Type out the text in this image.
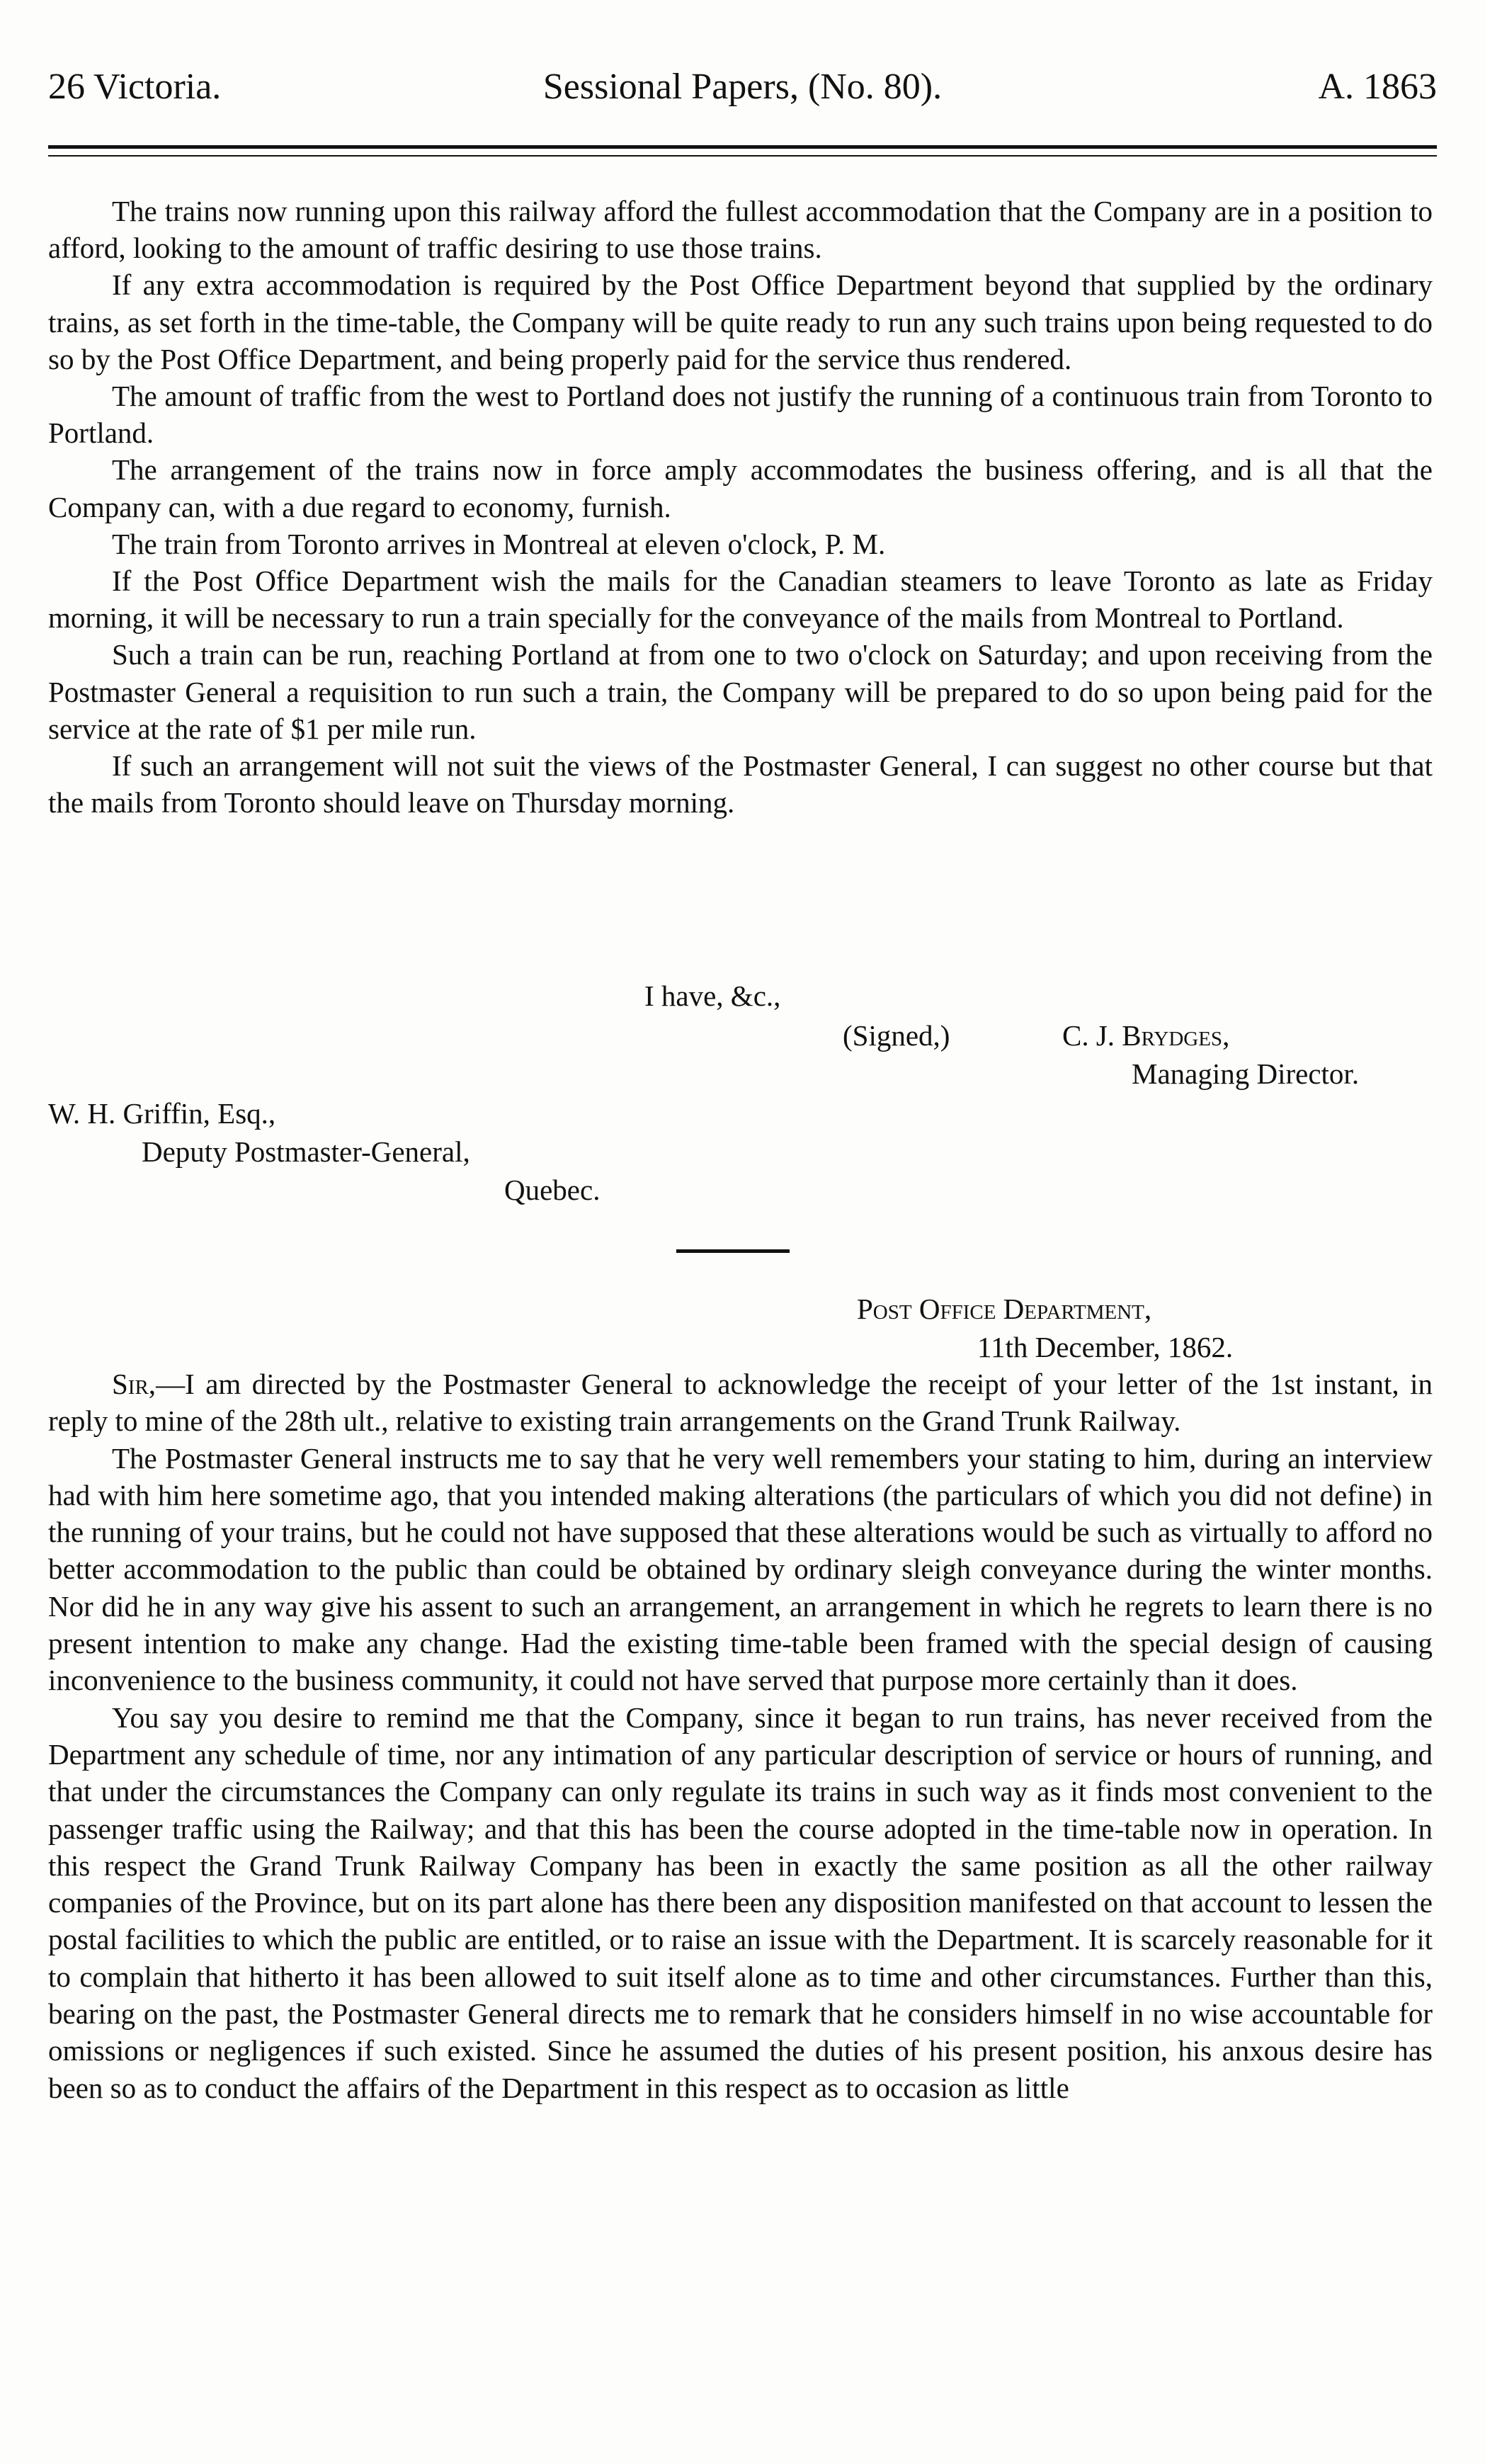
26 Victoria.	Sessional Papers, (No. 80).	A. 1863

The trains now running upon this railway afford the fullest accommodation that the Company are in a position to afford, looking to the amount of traffic desiring to use those trains.

If any extra accommodation is required by the Post Office Department beyond that supplied by the ordinary trains, as set forth in the time-table, the Company will be quite ready to run any such trains upon being requested to do so by the Post Office Department, and being properly paid for the service thus rendered.

The amount of traffic from the west to Portland does not justify the running of a continuous train from Toronto to Portland.

The arrangement of the trains now in force amply accommodates the business offering, and is all that the Company can, with a due regard to economy, furnish.

The train from Toronto arrives in Montreal at eleven o'clock, P. M.

If the Post Office Department wish the mails for the Canadian steamers to leave Toronto as late as Friday morning, it will be necessary to run a train specially for the conveyance of the mails from Montreal to Portland.

Such a train can be run, reaching Portland at from one to two o'clock on Saturday; and upon receiving from the Postmaster General a requisition to run such a train, the Company will be prepared to do so upon being paid for the service at the rate of $1 per mile run.

If such an arrangement will not suit the views of the Postmaster General, I can suggest no other course but that the mails from Toronto should leave on Thursday morning.

I have, &c.,
(Signed,)	C. J. Brydges,
Managing Director.
W. H. Griffin, Esq.,
Deputy Postmaster-General,
Quebec.
Post Office Department,
11th December, 1862.

Sir,—I am directed by the Postmaster General to acknowledge the receipt of your letter of the 1st instant, in reply to mine of the 28th ult., relative to existing train arrangements on the Grand Trunk Railway.

The Postmaster General instructs me to say that he very well remembers your stating to him, during an interview had with him here sometime ago, that you intended making alterations (the particulars of which you did not define) in the running of your trains, but he could not have supposed that these alterations would be such as virtually to afford no better accommodation to the public than could be obtained by ordinary sleigh conveyance during the winter months. Nor did he in any way give his assent to such an arrangement, an arrangement in which he regrets to learn there is no present intention to make any change. Had the existing time-table been framed with the special design of causing inconvenience to the business community, it could not have served that purpose more certainly than it does.

You say you desire to remind me that the Company, since it began to run trains, has never received from the Department any schedule of time, nor any intimation of any particular description of service or hours of running, and that under the circumstances the Company can only regulate its trains in such way as it finds most convenient to the passenger traffic using the Railway; and that this has been the course adopted in the time-table now in operation. In this respect the Grand Trunk Railway Company has been in exactly the same position as all the other railway companies of the Province, but on its part alone has there been any disposition manifested on that account to lessen the postal facilities to which the public are entitled, or to raise an issue with the Department. It is scarcely reasonable for it to complain that hitherto it has been allowed to suit itself alone as to time and other circumstances. Further than this, bearing on the past, the Postmaster General directs me to remark that he considers himself in no wise accountable for omissions or negligences if such existed. Since he assumed the duties of his present position, his anxous desire has been so as to conduct the affairs of the Department in this respect as to occasion as little
